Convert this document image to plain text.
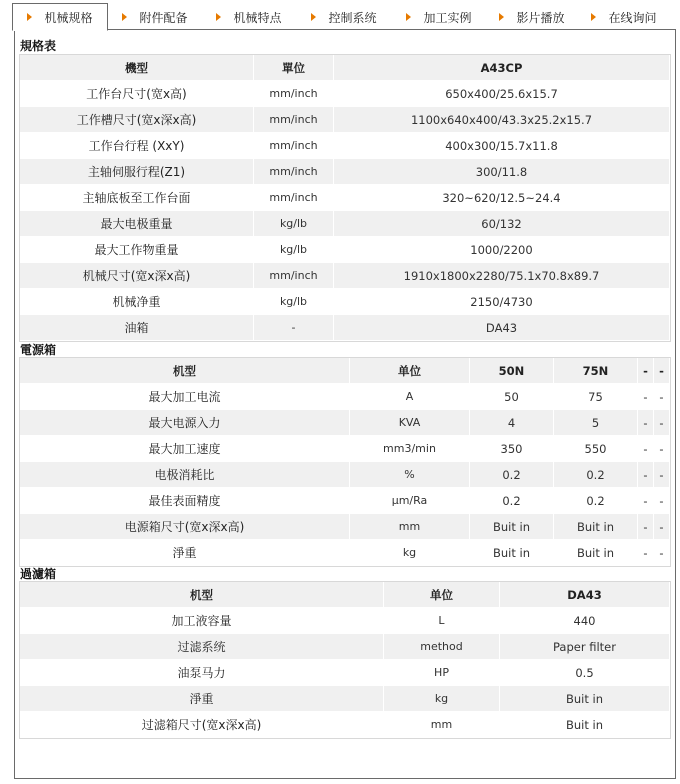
机械规格	附件配备	机械特点	控制系统	加工实例	影片播放	在线询问
規格表
機型	單位	A43CP
工作台尺寸(宽x高)	mm/inch	650x400/25.6x15.7
工作槽尺寸(宽x深x高)	mm/inch	1100x640x400/43.3x25.2x15.7
工作台行程 (XxY)	mm/inch	400x300/15.7x11.8
主轴伺服行程(Z1)	mm/inch	300/11.8
主轴底板至工作台面	mm/inch	320~620/12.5~24.4
最大电极重量	kg/lb	60/132
最大工作物重量	kg/lb	1000/2200
机械尺寸(宽x深x高)	mm/inch	1910x1800x2280/75.1x70.8x89.7
机械净重	kg/lb	2150/4730
油箱	-	DA43
電源箱
机型	单位	50N	75N	-	-
最大加工电流	A	50	75	-	-
最大电源入力	KVA	4	5	-	-
最大加工速度	mm3/min	350	550	-	-
电极消耗比	%	0.2	0.2	-	-
最佳表面精度	μm/Ra	0.2	0.2	-	-
电源箱尺寸(宽x深x高)	mm	Buit in	Buit in	-	-
淨重	kg	Buit in	Buit in	-	-
過濾箱
机型	单位	DA43
加工液容量	L	440
过滤系统	method	Paper filter
油泵马力	HP	0.5
淨重	kg	Buit in
过滤箱尺寸(宽x深x高)	mm	Buit in
